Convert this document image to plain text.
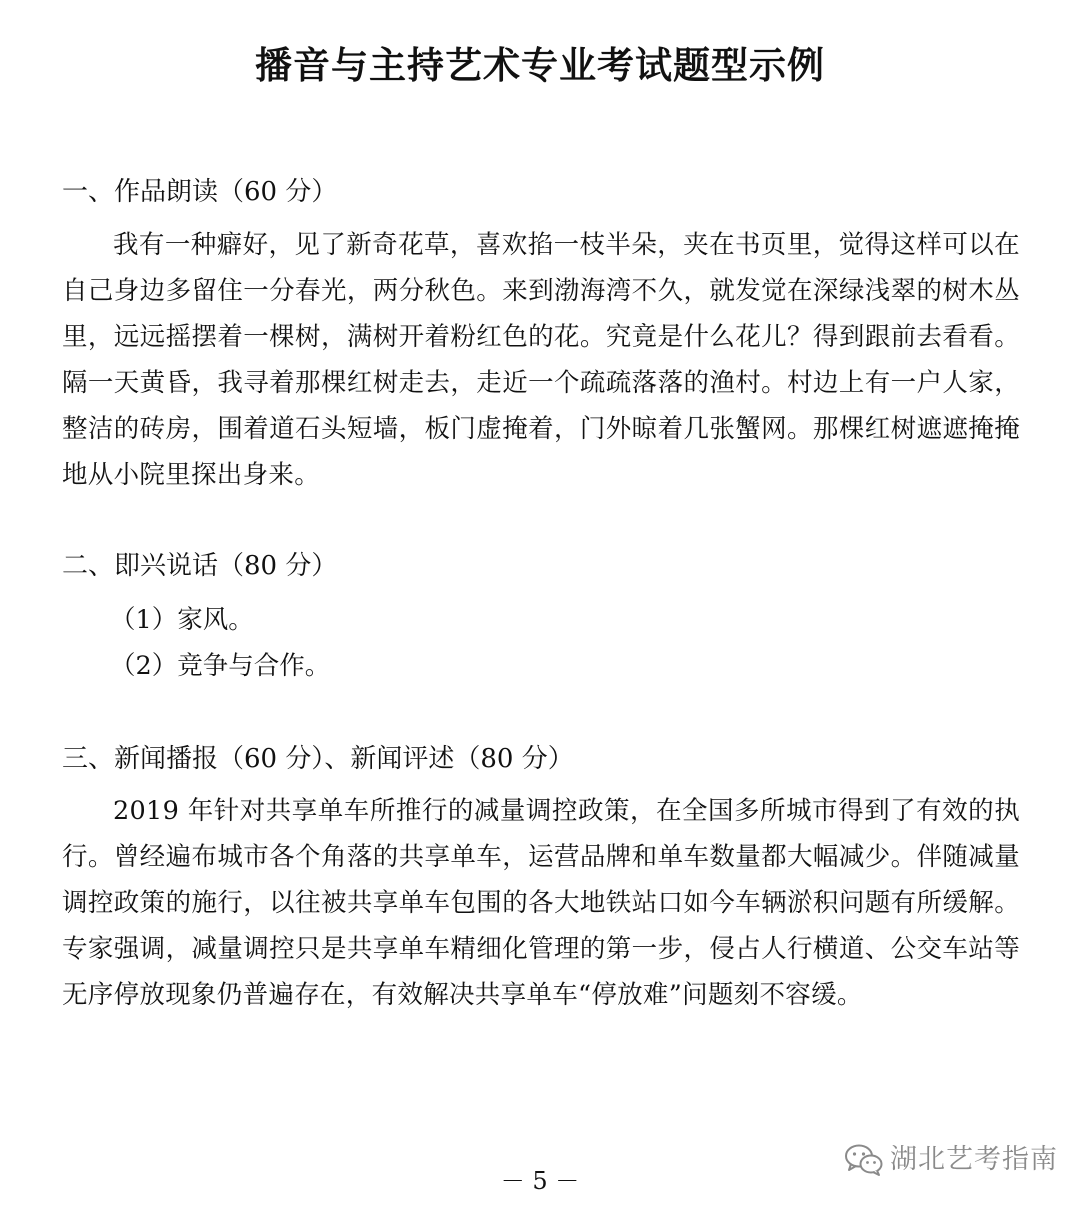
播音与主持艺术专业考试题型示例
一、作品朗读（60 分）
我有一种癖好，见了新奇花草，喜欢掐一枝半朵，夹在书页里，觉得这样可以在自己身边多留住一分春光，两分秋色。来到渤海湾不久，就发觉在深绿浅翠的树木丛里，远远摇摆着一棵树，满树开着粉红色的花。究竟是什么花儿？得到跟前去看看。隔一天黄昏，我寻着那棵红树走去，走近一个疏疏落落的渔村。村边上有一户人家，整洁的砖房，围着道石头短墙，板门虚掩着，门外晾着几张蟹网。那棵红树遮遮掩掩地从小院里探出身来。
二、即兴说话（80 分）
（1）家风。
（2）竞争与合作。
三、新闻播报（60 分）、新闻评述（80 分）
2019 年针对共享单车所推行的减量调控政策，在全国多所城市得到了有效的执行。曾经遍布城市各个角落的共享单车，运营品牌和单车数量都大幅减少。伴随减量调控政策的施行，以往被共享单车包围的各大地铁站口如今车辆淤积问题有所缓解。专家强调，减量调控只是共享单车精细化管理的第一步，侵占人行横道、公交车站等无序停放现象仍普遍存在，有效解决共享单车“停放难”问题刻不容缓。
－ 5 －
湖北艺考指南
